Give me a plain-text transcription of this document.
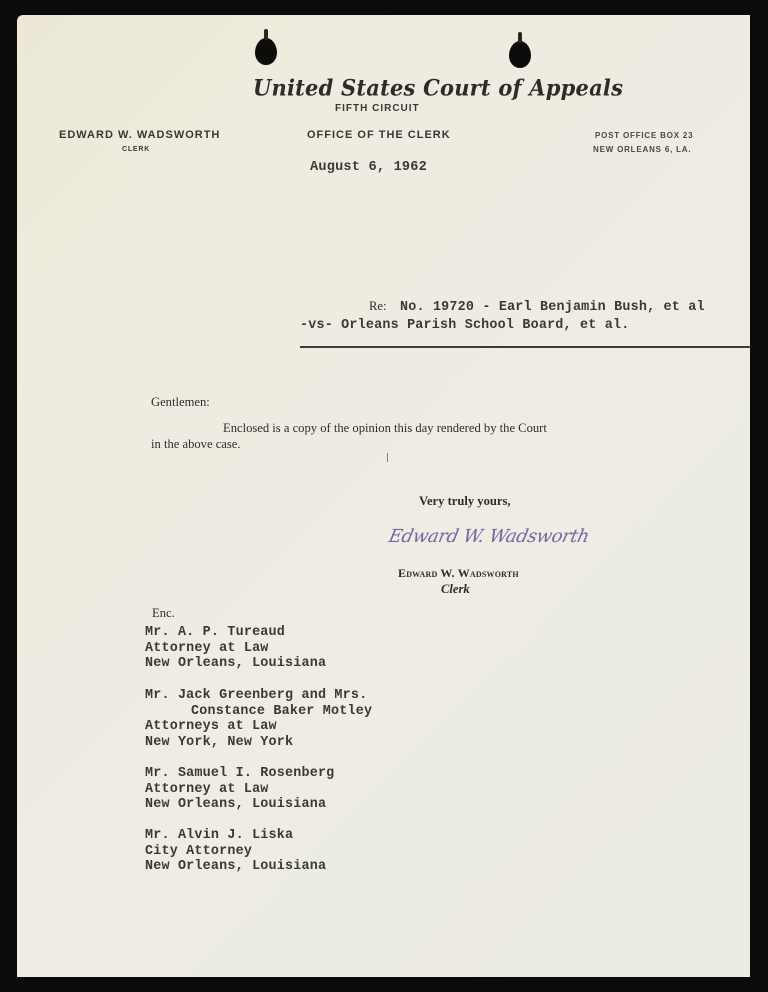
United States Court of Appeals
FIFTH CIRCUIT
EDWARD W. WADSWORTH
CLERK
OFFICE OF THE CLERK	POST OFFICE BOX 23
NEW ORLEANS 6, LA.
August 6, 1962
Re: No. 19720 - Earl Benjamin Bush, et al
-vs- Orleans Parish School Board, et al.
Gentlemen:
Enclosed is a copy of the opinion this day rendered by the Court
in the above case.
Very truly yours,
Edward W. Wadsworth
Edward W. Wadsworth
Clerk
Enc.
Mr. A. P. Tureaud
Attorney at Law
New Orleans, Louisiana
Mr. Jack Greenberg and Mrs.
Constance Baker Motley
Attorneys at Law
New York, New York
Mr. Samuel I. Rosenberg
Attorney at Law
New Orleans, Louisiana
Mr. Alvin J. Liska
City Attorney
New Orleans, Louisiana
